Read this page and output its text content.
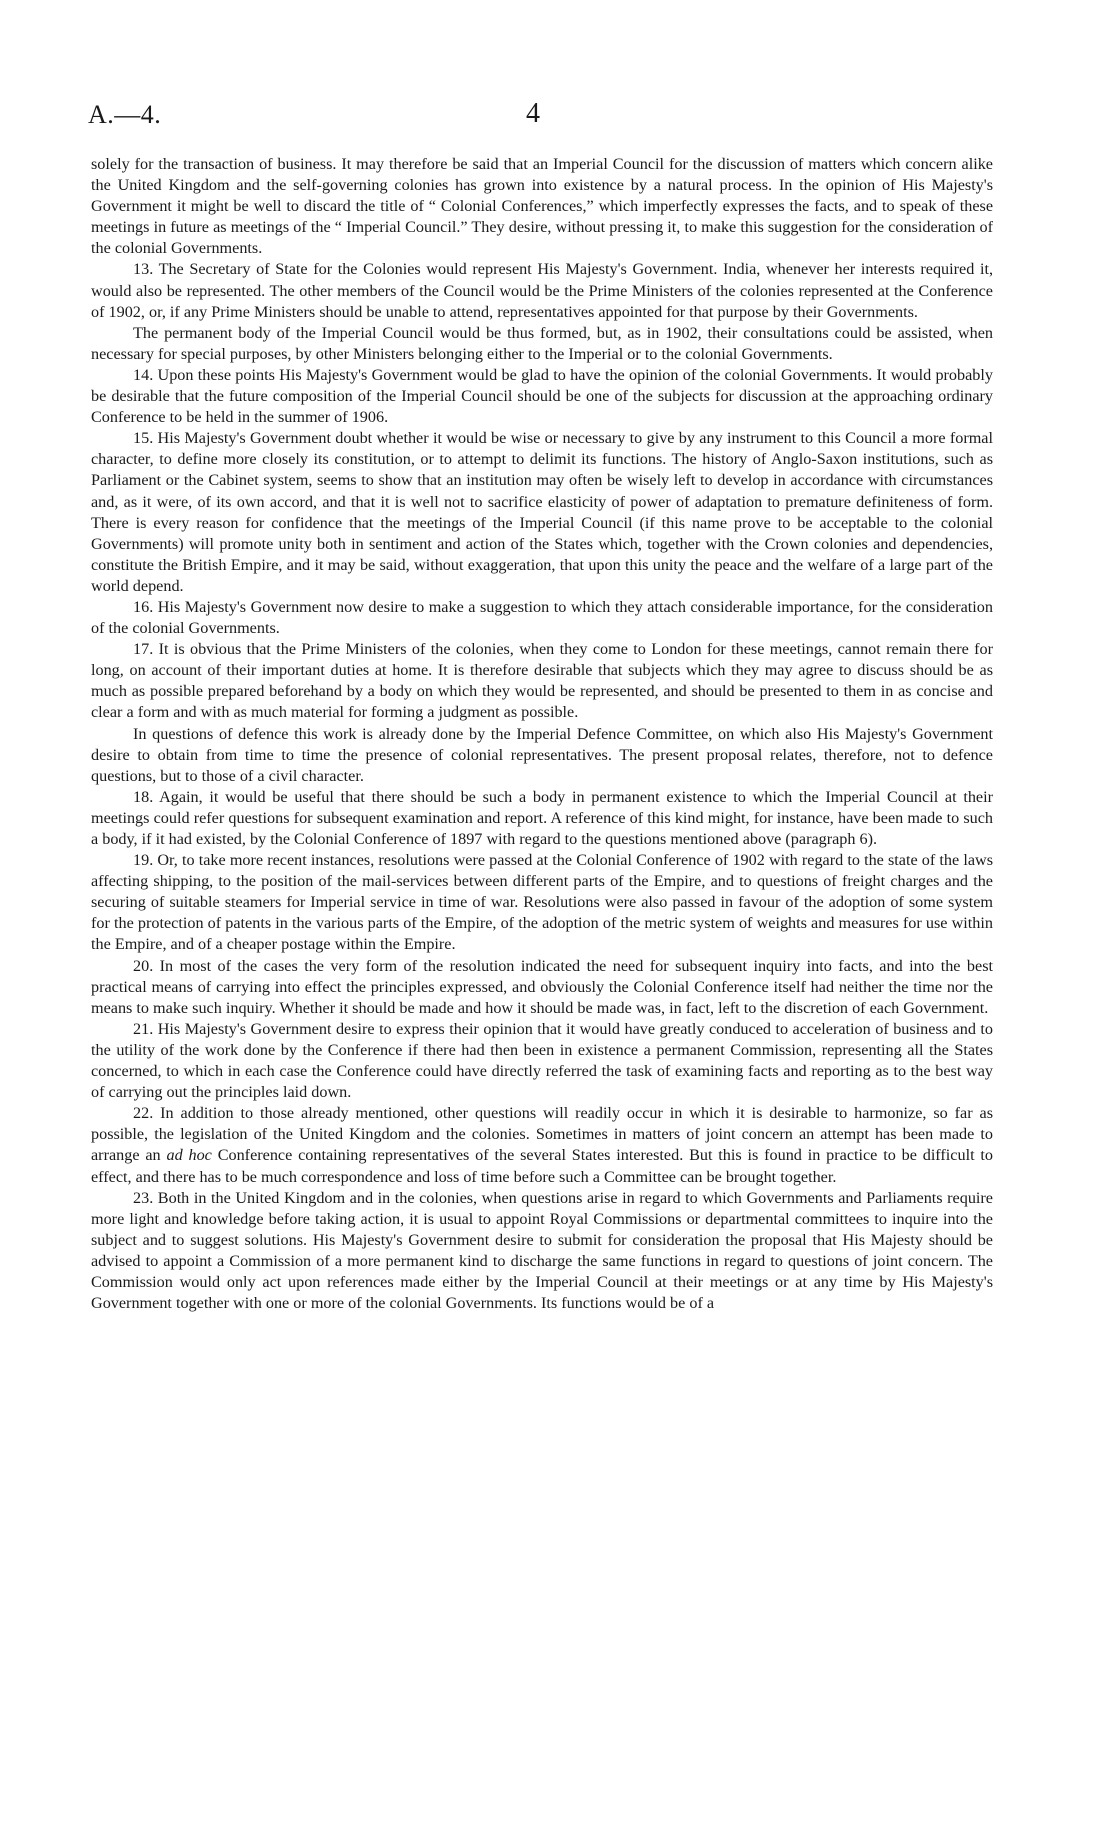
A.—4.	4

solely for the transaction of business. It may therefore be said that an Imperial Council for the discussion of matters which concern alike the United Kingdom and the self-governing colonies has grown into existence by a natural process. In the opinion of His Majesty's Government it might be well to discard the title of “ Colonial Conferences,” which imperfectly expresses the facts, and to speak of these meetings in future as meetings of the “ Imperial Council.” They desire, without pressing it, to make this suggestion for the consideration of the colonial Governments.

13. The Secretary of State for the Colonies would represent His Majesty's Government. India, whenever her interests required it, would also be represented. The other members of the Council would be the Prime Ministers of the colonies represented at the Conference of 1902, or, if any Prime Ministers should be unable to attend, representatives appointed for that purpose by their Governments.

The permanent body of the Imperial Council would be thus formed, but, as in 1902, their consultations could be assisted, when necessary for special purposes, by other Ministers belonging either to the Imperial or to the colonial Governments.

14. Upon these points His Majesty's Government would be glad to have the opinion of the colonial Governments. It would probably be desirable that the future composition of the Imperial Council should be one of the subjects for discussion at the approaching ordinary Conference to be held in the summer of 1906.

15. His Majesty's Government doubt whether it would be wise or necessary to give by any instrument to this Council a more formal character, to define more closely its constitution, or to attempt to delimit its functions. The history of Anglo-Saxon institutions, such as Parliament or the Cabinet system, seems to show that an institution may often be wisely left to develop in accordance with circumstances and, as it were, of its own accord, and that it is well not to sacrifice elasticity of power of adaptation to premature definiteness of form. There is every reason for confidence that the meetings of the Imperial Council (if this name prove to be acceptable to the colonial Governments) will promote unity both in sentiment and action of the States which, together with the Crown colonies and dependencies, constitute the British Empire, and it may be said, without exaggeration, that upon this unity the peace and the welfare of a large part of the world depend.

16. His Majesty's Government now desire to make a suggestion to which they attach considerable importance, for the consideration of the colonial Governments.

17. It is obvious that the Prime Ministers of the colonies, when they come to London for these meetings, cannot remain there for long, on account of their important duties at home. It is therefore desirable that subjects which they may agree to discuss should be as much as possible prepared beforehand by a body on which they would be represented, and should be presented to them in as concise and clear a form and with as much material for forming a judgment as possible.

In questions of defence this work is already done by the Imperial Defence Committee, on which also His Majesty's Government desire to obtain from time to time the presence of colonial representatives. The present proposal relates, therefore, not to defence questions, but to those of a civil character.

18. Again, it would be useful that there should be such a body in permanent existence to which the Imperial Council at their meetings could refer questions for subsequent examination and report. A reference of this kind might, for instance, have been made to such a body, if it had existed, by the Colonial Conference of 1897 with regard to the questions mentioned above (paragraph 6).

19. Or, to take more recent instances, resolutions were passed at the Colonial Conference of 1902 with regard to the state of the laws affecting shipping, to the position of the mail-services between different parts of the Empire, and to questions of freight charges and the securing of suitable steamers for Imperial service in time of war. Resolutions were also passed in favour of the adoption of some system for the protection of patents in the various parts of the Empire, of the adoption of the metric system of weights and measures for use within the Empire, and of a cheaper postage within the Empire.

20. In most of the cases the very form of the resolution indicated the need for subsequent inquiry into facts, and into the best practical means of carrying into effect the principles expressed, and obviously the Colonial Conference itself had neither the time nor the means to make such inquiry. Whether it should be made and how it should be made was, in fact, left to the discretion of each Government.

21. His Majesty's Government desire to express their opinion that it would have greatly conduced to acceleration of business and to the utility of the work done by the Conference if there had then been in existence a permanent Commission, representing all the States concerned, to which in each case the Conference could have directly referred the task of examining facts and reporting as to the best way of carrying out the principles laid down.

22. In addition to those already mentioned, other questions will readily occur in which it is desirable to harmonize, so far as possible, the legislation of the United Kingdom and the colonies. Sometimes in matters of joint concern an attempt has been made to arrange an ad hoc Conference containing representatives of the several States interested. But this is found in practice to be difficult to effect, and there has to be much correspondence and loss of time before such a Committee can be brought together.

23. Both in the United Kingdom and in the colonies, when questions arise in regard to which Governments and Parliaments require more light and knowledge before taking action, it is usual to appoint Royal Commissions or departmental committees to inquire into the subject and to suggest solutions. His Majesty's Government desire to submit for consideration the proposal that His Majesty should be advised to appoint a Commission of a more permanent kind to discharge the same functions in regard to questions of joint concern. The Commission would only act upon references made either by the Imperial Council at their meetings or at any time by His Majesty's Government together with one or more of the colonial Governments. Its functions would be of a
